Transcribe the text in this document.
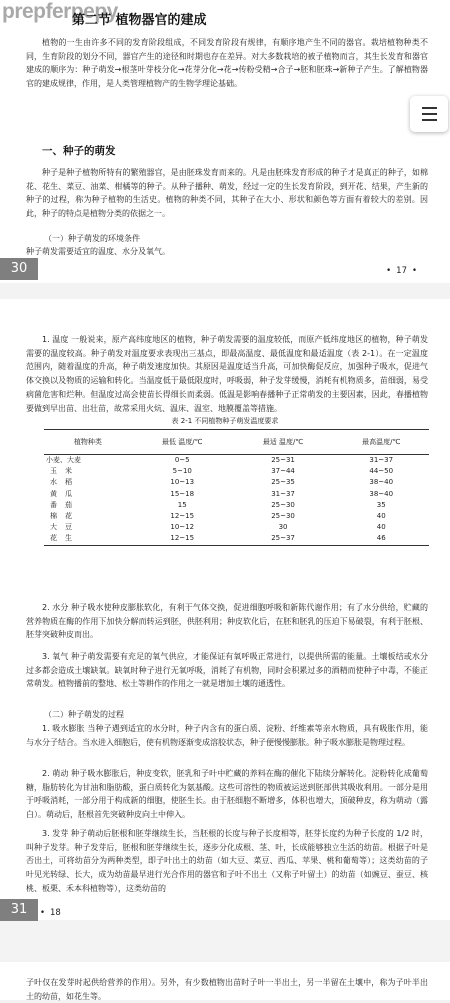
prepferpepy
第二节 植物器官的建成

植物的一生由许多不同的发育阶段组成，不同发育阶段有规律，有顺序地产生不同的器官。栽培植物种类不同，生育阶段的划分不同，器官产生的途径和时期也存在差异。对大多数栽培的被子植物而言，其生长发育和器官建成的顺序为：种子萌发→根茎叶芽枝分化→花芽分化→花→传粉受精→合子→胚和胚珠→新种子产生。了解植物器官的建成规律，作用，是人类管理植物产的生物学理论基础。

一、种子的萌发

种子是种子植物所特有的繁殖器官，是由胚珠发育而来的。凡是由胚珠发育形成的种子才是真正的种子，如棉花、花生、菜豆、油菜、柑橘等的种子。从种子播种、萌发，经过一定的生长发育阶段，到开花、结果，产生新的种子的过程，称为种子植物的生活史。植物的种类不同，其种子在大小、形状和颜色等方面有着较大的差别。因此，种子的特点是植物分类的依据之一。

（一）种子萌发的环境条件

种子萌发需要适宜的温度、水分及氧气。

30	• 17 •

1. 温度 一般说来，原产高纬度地区的植物，种子萌发需要的温度较低，而原产低纬度地区的植物，种子萌发需要的温度较高。种子萌发对温度要求表现出三基点，即最高温度、最低温度和最适温度（表 2-1）。在一定温度范围内，随着温度的升高，种子萌发速度加快。其原因是温度适当升高，可加快酶促反应，加强种子吸水，促进气体交换以及物质的运输和转化。当温度低于最低限度时，呼吸弱，种子发芽缓慢，消耗有机物质多，苗细弱，易受病菌危害和烂种。但温度过高会使苗长得细长而柔弱。低温是影响春播种子正常萌发的主要因素，因此，春播植物要做到早出苗、出壮苗，故常采用火炕、温床、温室、地膜覆盖等措施。

表 2-1 不同植物种子萌发温度要求
植物种类	最低 温度/℃	最适 温度/℃	最高温度/℃
小麦、大麦	0~5	25~31	31~37
玉米	5~10	37~44	44~50
水稻	10~13	25~35	38~40
黄瓜	15~18	31~37	38~40
番茄	15	25~30	35
棉花	12~15	25~30	40
大豆	10~12	30	40
花生	12~15	25~37	46

2. 水分 种子吸水使种皮膨胀软化，有利于气体交换，促进细胞呼吸和新陈代谢作用；有了水分供给，贮藏的营养物质在酶的作用下加快分解而转运到胚，供胚利用；种皮软化后，在胚和胚乳的压迫下易破裂，有利于胚根、胚芽突破种皮而出。

3. 氧气 种子萌发需要有充足的氧气供应，才能保证有氧呼吸正常进行，以提供所需的能量。土壤板结或水分过多都会造成土壤缺氧。缺氧时种子进行无氧呼吸，消耗了有机物，同时会积累过多的酒精而使种子中毒，不能正常萌发。植物播前的整地、松土等耕作的作用之一就是增加土壤的通透性。

（二）种子萌发的过程

1. 吸水膨胀 当种子遇到适宜的水分时，种子内含有的蛋白质、淀粉、纤维素等亲水物质，具有吸胀作用，能与水分子结合。当水进入细胞后，使有机物逐渐变成溶胶状态，种子便慢慢膨胀。种子吸水膨胀是物理过程。

2. 萌动 种子吸水膨胀后，种皮变软，胚乳和子叶中贮藏的养料在酶的催化下陆续分解转化。淀粉转化成葡萄糖，脂肪转化为甘油和脂肪酸，蛋白质转化为氨基酸。这些可溶性的物质被运送到胚部供其吸收利用。一部分是用于呼吸消耗，一部分用于构成新的细胞，使胚生长。由于胚细胞不断增多，体积也增大，顶破种皮，称为萌动（露白）。萌动后，胚根首先突破种皮向土中伸入。

3. 发芽 种子萌动后胚根和胚芽继续生长，当胚根的长度与种子长度相等，胚芽长度约为种子长度的 1/2 时，叫种子发芽。种子发芽后，胚根和胚芽继续生长，逐步分化成根、茎、叶，长成能够独立生活的幼苗。根据子叶是否出土，可将幼苗分为两种类型，即子叶出土的幼苗（如大豆、菜豆、西瓜、苹果、桃和葡萄等）；这类幼苗的子叶见光转绿、长大，成为幼苗最早进行光合作用的器官和子叶不出土（又称子叶留土）的幼苗（如豌豆、蚕豆、核桃、板栗、禾本科植物等），这类幼苗的

31	• 18

子叶仅在发芽时起供给营养的作用）。另外，有少数植物出苗时子叶一半出土，另一半留在土壤中，称为子叶半出土的幼苗，如花生等。
